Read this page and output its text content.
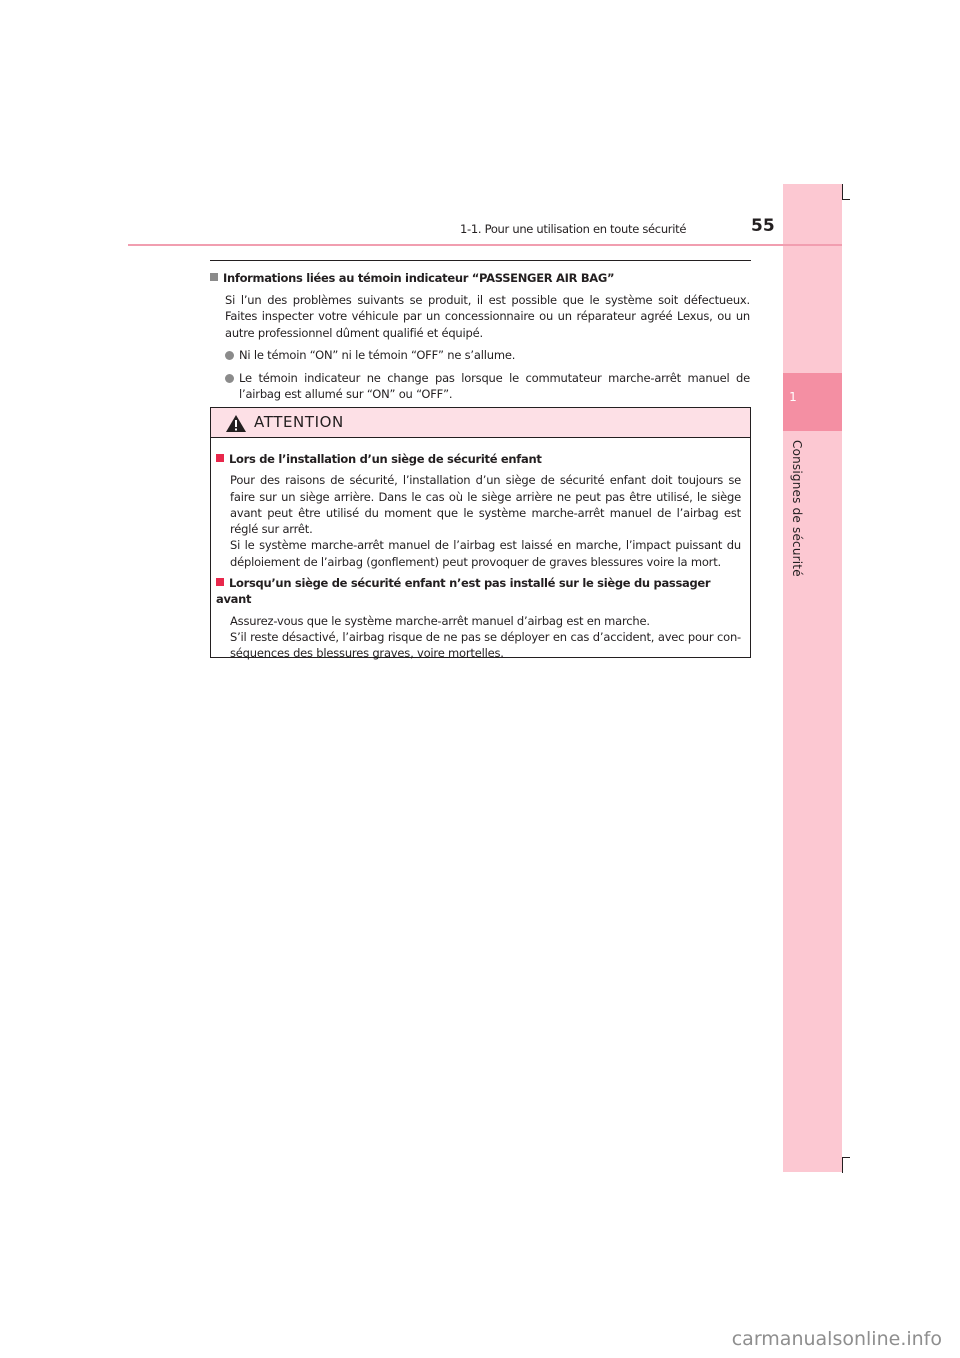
1
Consignes de sécurité
1-1. Pour une utilisation en toute sécurité	55
Informations liées au témoin indicateur “PASSENGER AIR BAG”
Si l’un des problèmes suivants se produit, il est possible que le système soit défectueux. Faites inspecter votre véhicule par un concessionnaire ou un réparateur agréé Lexus, ou un autre professionnel dûment qualifié et équipé.
Ni le témoin “ON” ni le témoin “OFF” ne s’allume.
Le témoin indicateur ne change pas lorsque le commutateur marche-arrêt manuel de l’airbag est allumé sur “ON” ou “OFF”.
ATTENTION
Lors de l’installation d’un siège de sécurité enfant
Pour des raisons de sécurité, l’installation d’un siège de sécurité enfant doit toujours se faire sur un siège arrière. Dans le cas où le siège arrière ne peut pas être utilisé, le siège avant peut être utilisé du moment que le système marche-arrêt manuel de l’airbag est réglé sur arrêt.
Si le système marche-arrêt manuel de l’airbag est laissé en marche, l’impact puissant du déploiement de l’airbag (gonflement) peut provoquer de graves blessures voire la mort.
Lorsqu’un siège de sécurité enfant n’est pas installé sur le siège du passager avant
Assurez-vous que le système marche-arrêt manuel d’airbag est en marche.
S’il reste désactivé, l’airbag risque de ne pas se déployer en cas d’accident, avec pour con-séquences des blessures graves, voire mortelles.
carmanualsonline.info
